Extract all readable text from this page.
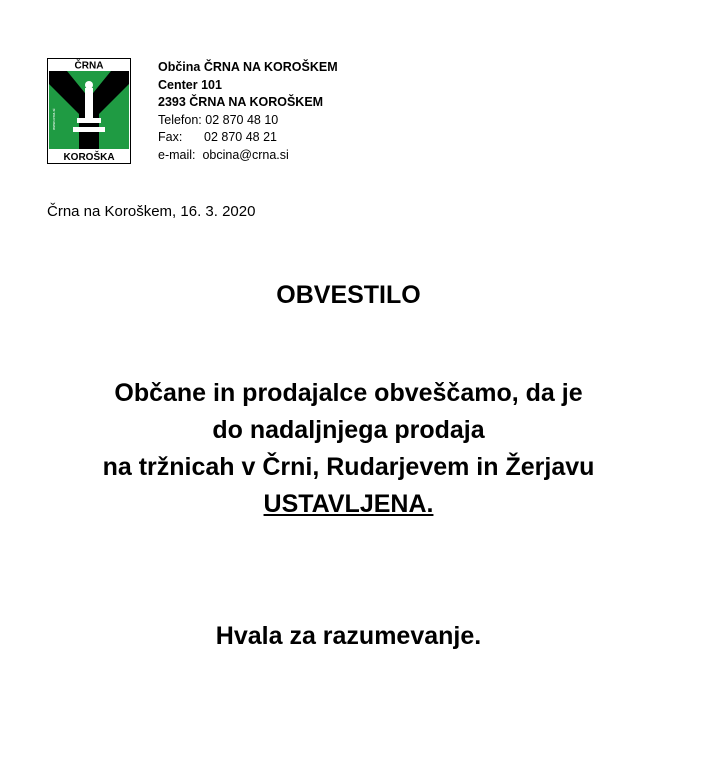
ČRNA
KOROŠKA
www.crna.si
Občina ČRNA NA KOROŠKEM
Center 101
2393 ČRNA NA KOROŠKEM
Telefon: 02 870 48 10
Fax: 02 870 48 21
e-mail: obcina@crna.si
Črna na Koroškem, 16. 3. 2020
OBVESTILO
Občane in prodajalce obveščamo, da je
do nadaljnjega prodaja
na tržnicah v Črni, Rudarjevem in Žerjavu
USTAVLJENA.
Hvala za razumevanje.
